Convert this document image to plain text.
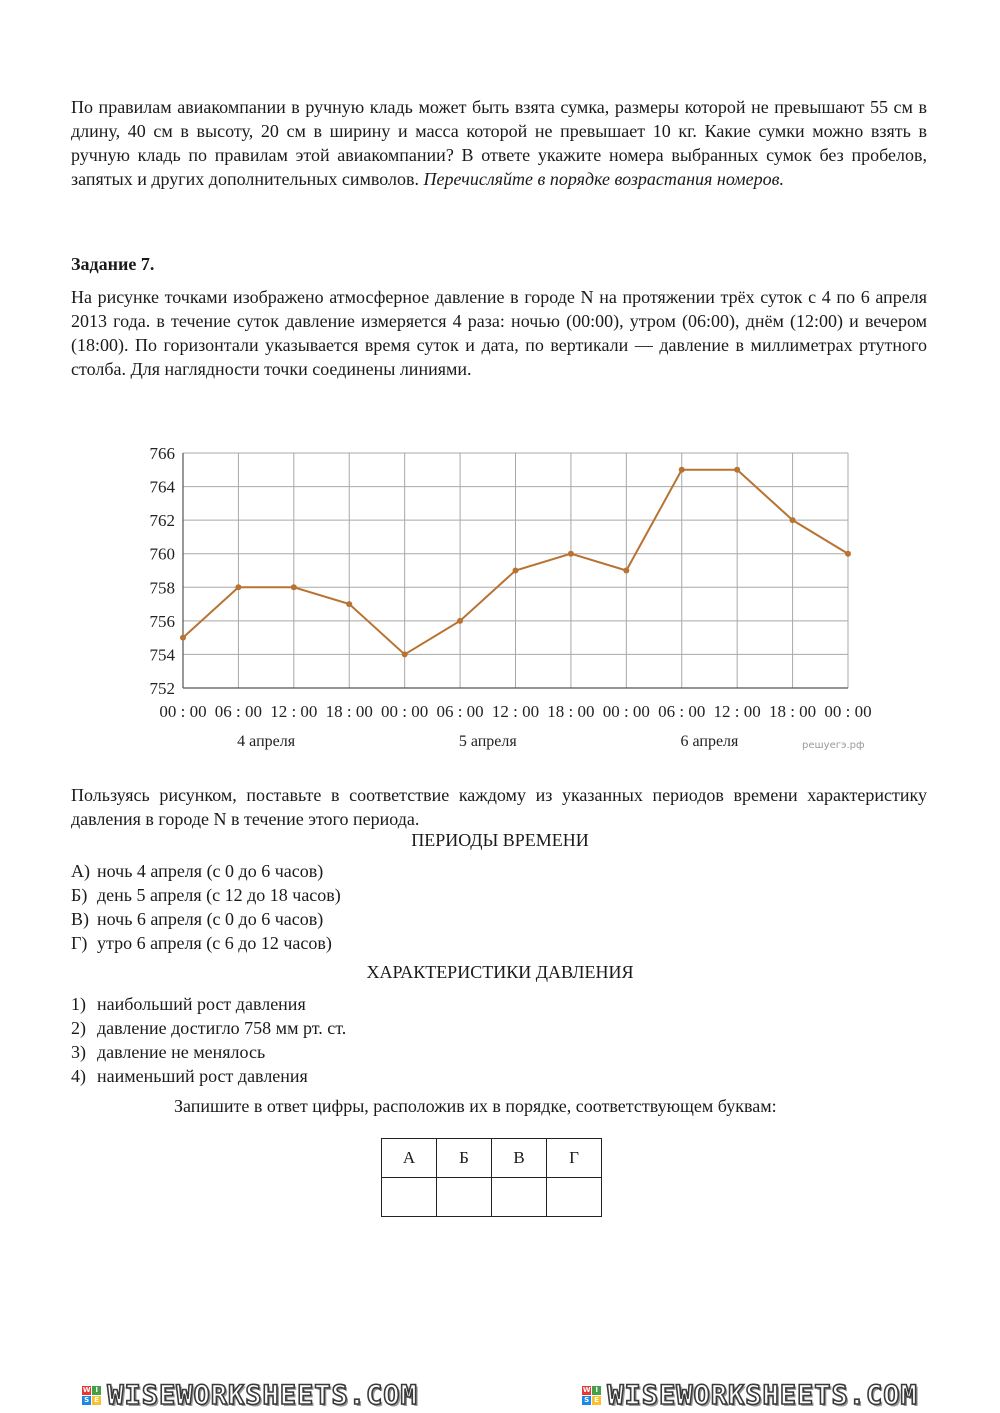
По правилам авиакомпании в ручную кладь может быть взята сумка, размеры которой не превышают 55 см в длину, 40 см в высоту, 20 см в ширину и масса которой не превышает 10 кг. Какие сумки можно взять в ручную кладь по правилам этой авиакомпании? В ответе укажите номера выбранных сумок без пробелов, запятых и других дополнительных символов. Перечисляйте в порядке возрастания номеров.
Задание 7.
На рисунке точками изображено атмосферное давление в городе N на протяжении трёх суток с 4 по 6 апреля 2013 года. в течение суток давление измеряется 4 раза: ночью (00:00), утром (06:00), днём (12:00) и вечером (18:00). По горизонтали указывается время суток и дата, по вертикали — давление в миллиметрах ртутного столба. Для наглядности точки соединены линиями.
752
754
756
758
760
762
764
766
00 : 00 06 : 00 12 : 00 18 : 00 00 : 00 06 : 00 12 : 00 18 : 00 00 : 00 06 : 00 12 : 00 18 : 00 00 : 00
4 апреля	5 апреля	6 апреля	решуегэ.рф
Пользуясь рисунком, поставьте в соответствие каждому из указанных периодов времени характеристику давления в городе N в течение этого периода.
ПЕРИОДЫ ВРЕМЕНИ
А) ночь 4 апреля (с 0 до 6 часов)
Б) день 5 апреля (с 12 до 18 часов)
В) ночь 6 апреля (с 0 до 6 часов)
Г) утро 6 апреля (с 6 до 12 часов)
ХАРАКТЕРИСТИКИ ДАВЛЕНИЯ
1) наибольший рост давления
2) давление достигло 758 мм рт. ст.
3) давление не менялось
4) наименьший рост давления
Запишите в ответ цифры, расположив их в порядке, соответствующем буквам:
А	Б	В	Г

W I
S E WISEWORKSHEETS.COM	W I
S E WISEWORKSHEETS.COM
